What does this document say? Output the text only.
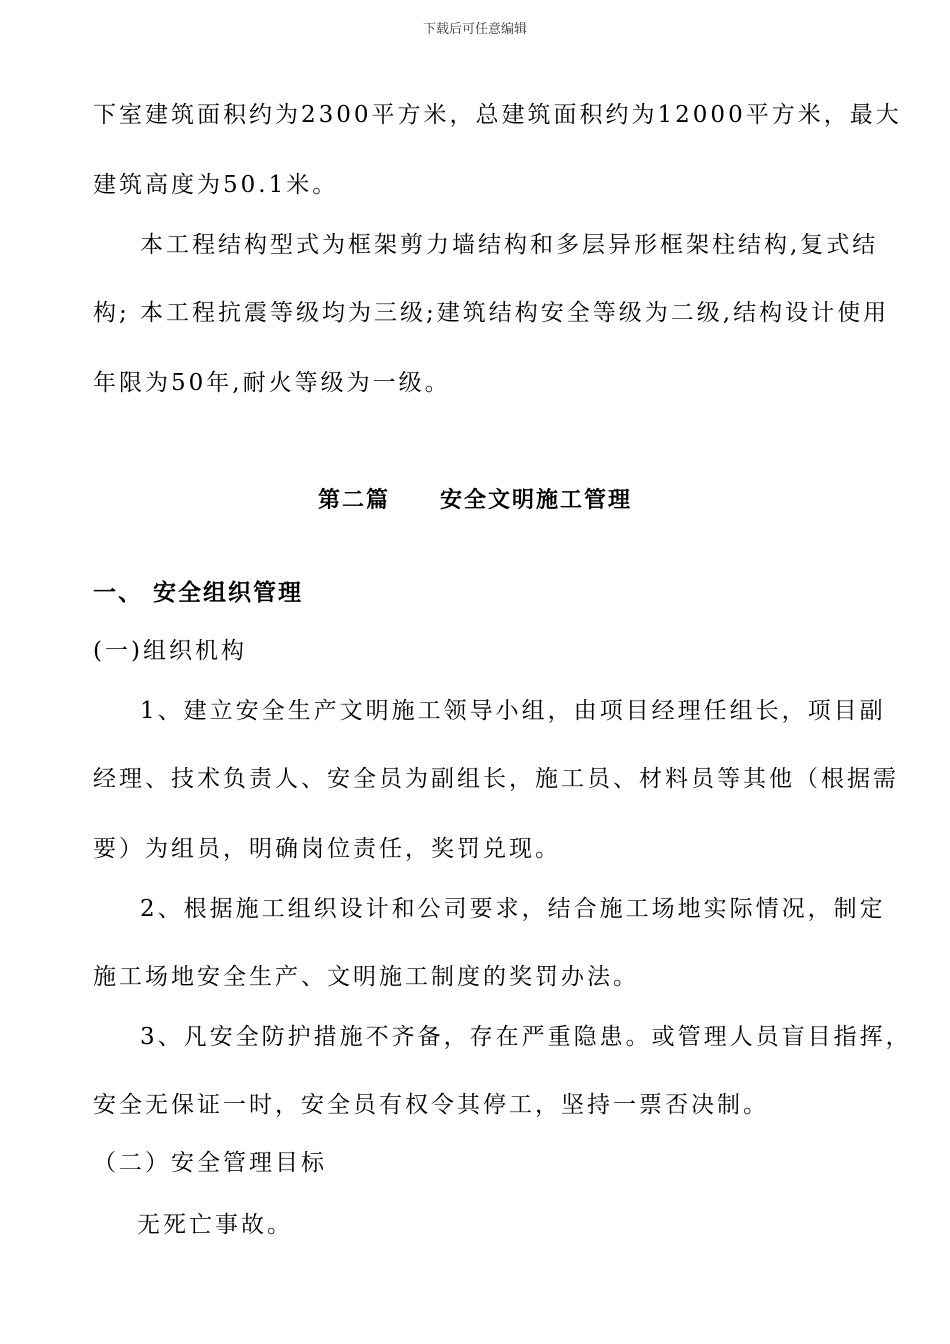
下载后可任意编辑
下室建筑面积约为2300平方米，总建筑面积约为12000平方米，最大
建筑高度为50.1米。
本工程结构型式为框架剪力墙结构和多层异形框架柱结构,复式结
构; 本工程抗震等级均为三级;建筑结构安全等级为二级,结构设计使用
年限为50年,耐火等级为一级。
第二篇 安全文明施工管理
一、 安全组织管理
(一)组织机构
1、建立安全生产文明施工领导小组，由项目经理任组长，项目副
经理、技术负责人、安全员为副组长，施工员、材料员等其他（根据需
要）为组员，明确岗位责任，奖罚兑现。
2、根据施工组织设计和公司要求，结合施工场地实际情况，制定
施工场地安全生产、文明施工制度的奖罚办法。
3、凡安全防护措施不齐备，存在严重隐患。或管理人员盲目指挥，
安全无保证一时，安全员有权令其停工，坚持一票否决制。
（二）安全管理目标
无死亡事故。
